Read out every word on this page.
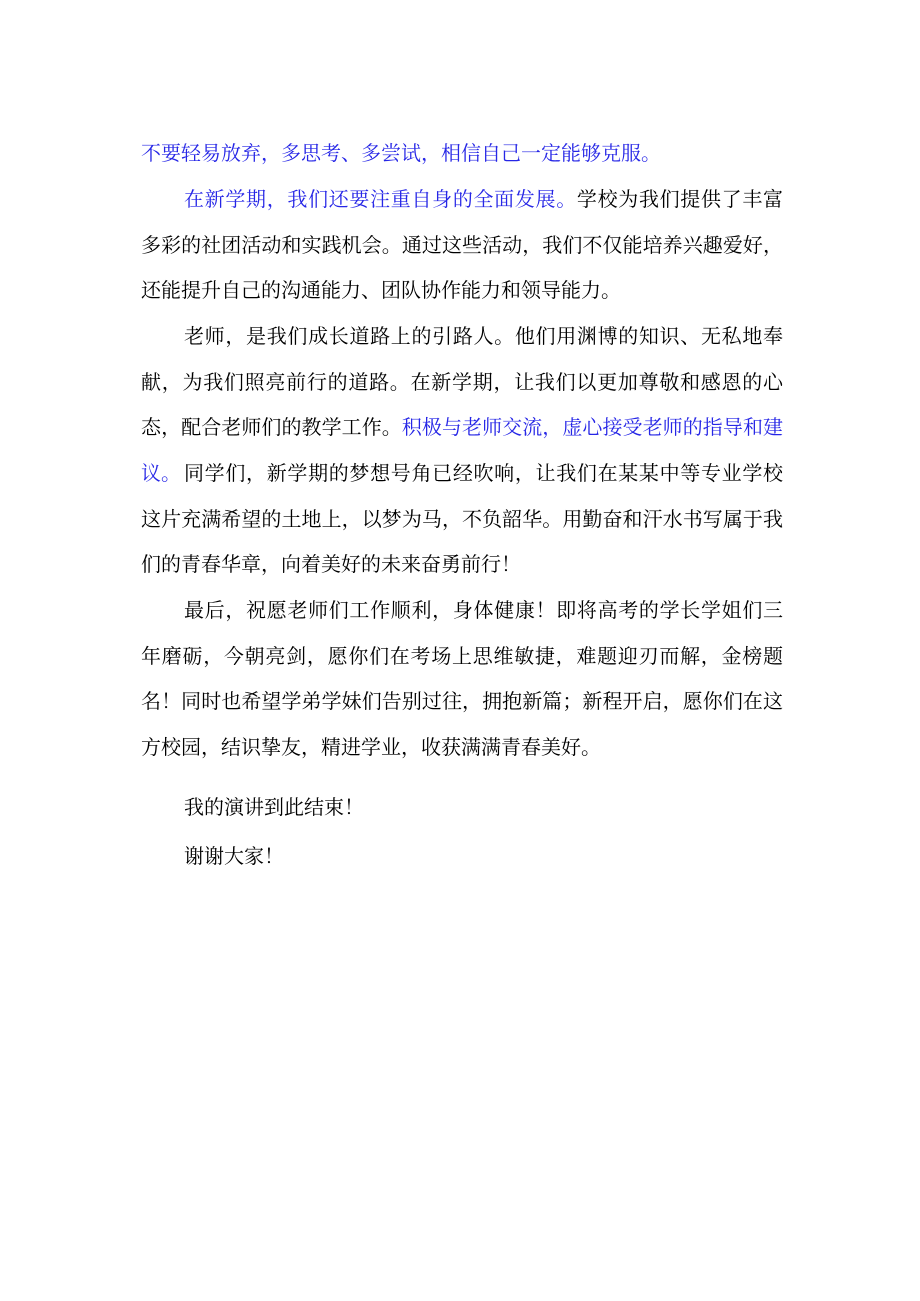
不要轻易放弃，多思考、多尝试，相信自己一定能够克服。

在新学期，我们还要注重自身的全面发展。学校为我们提供了丰富多彩的社团活动和实践机会。通过这些活动，我们不仅能培养兴趣爱好，还能提升自己的沟通能力、团队协作能力和领导能力。

老师，是我们成长道路上的引路人。他们用渊博的知识、无私地奉献，为我们照亮前行的道路。在新学期，让我们以更加尊敬和感恩的心态，配合老师们的教学工作。积极与老师交流，虚心接受老师的指导和建议。 同学们，新学期的梦想号角已经吹响，让我们在某某中等专业学校这片充满希望的土地上，以梦为马，不负韶华。用勤奋和汗水书写属于我们的青春华章，向着美好的未来奋勇前行！

最后，祝愿老师们工作顺利，身体健康！即将高考的学长学姐们三年磨砺，今朝亮剑，愿你们在考场上思维敏捷，难题迎刃而解，金榜题名！同时也希望学弟学妹们告别过往，拥抱新篇；新程开启，愿你们在这方校园，结识挚友，精进学业，收获满满青春美好。

我的演讲到此结束！

谢谢大家！
